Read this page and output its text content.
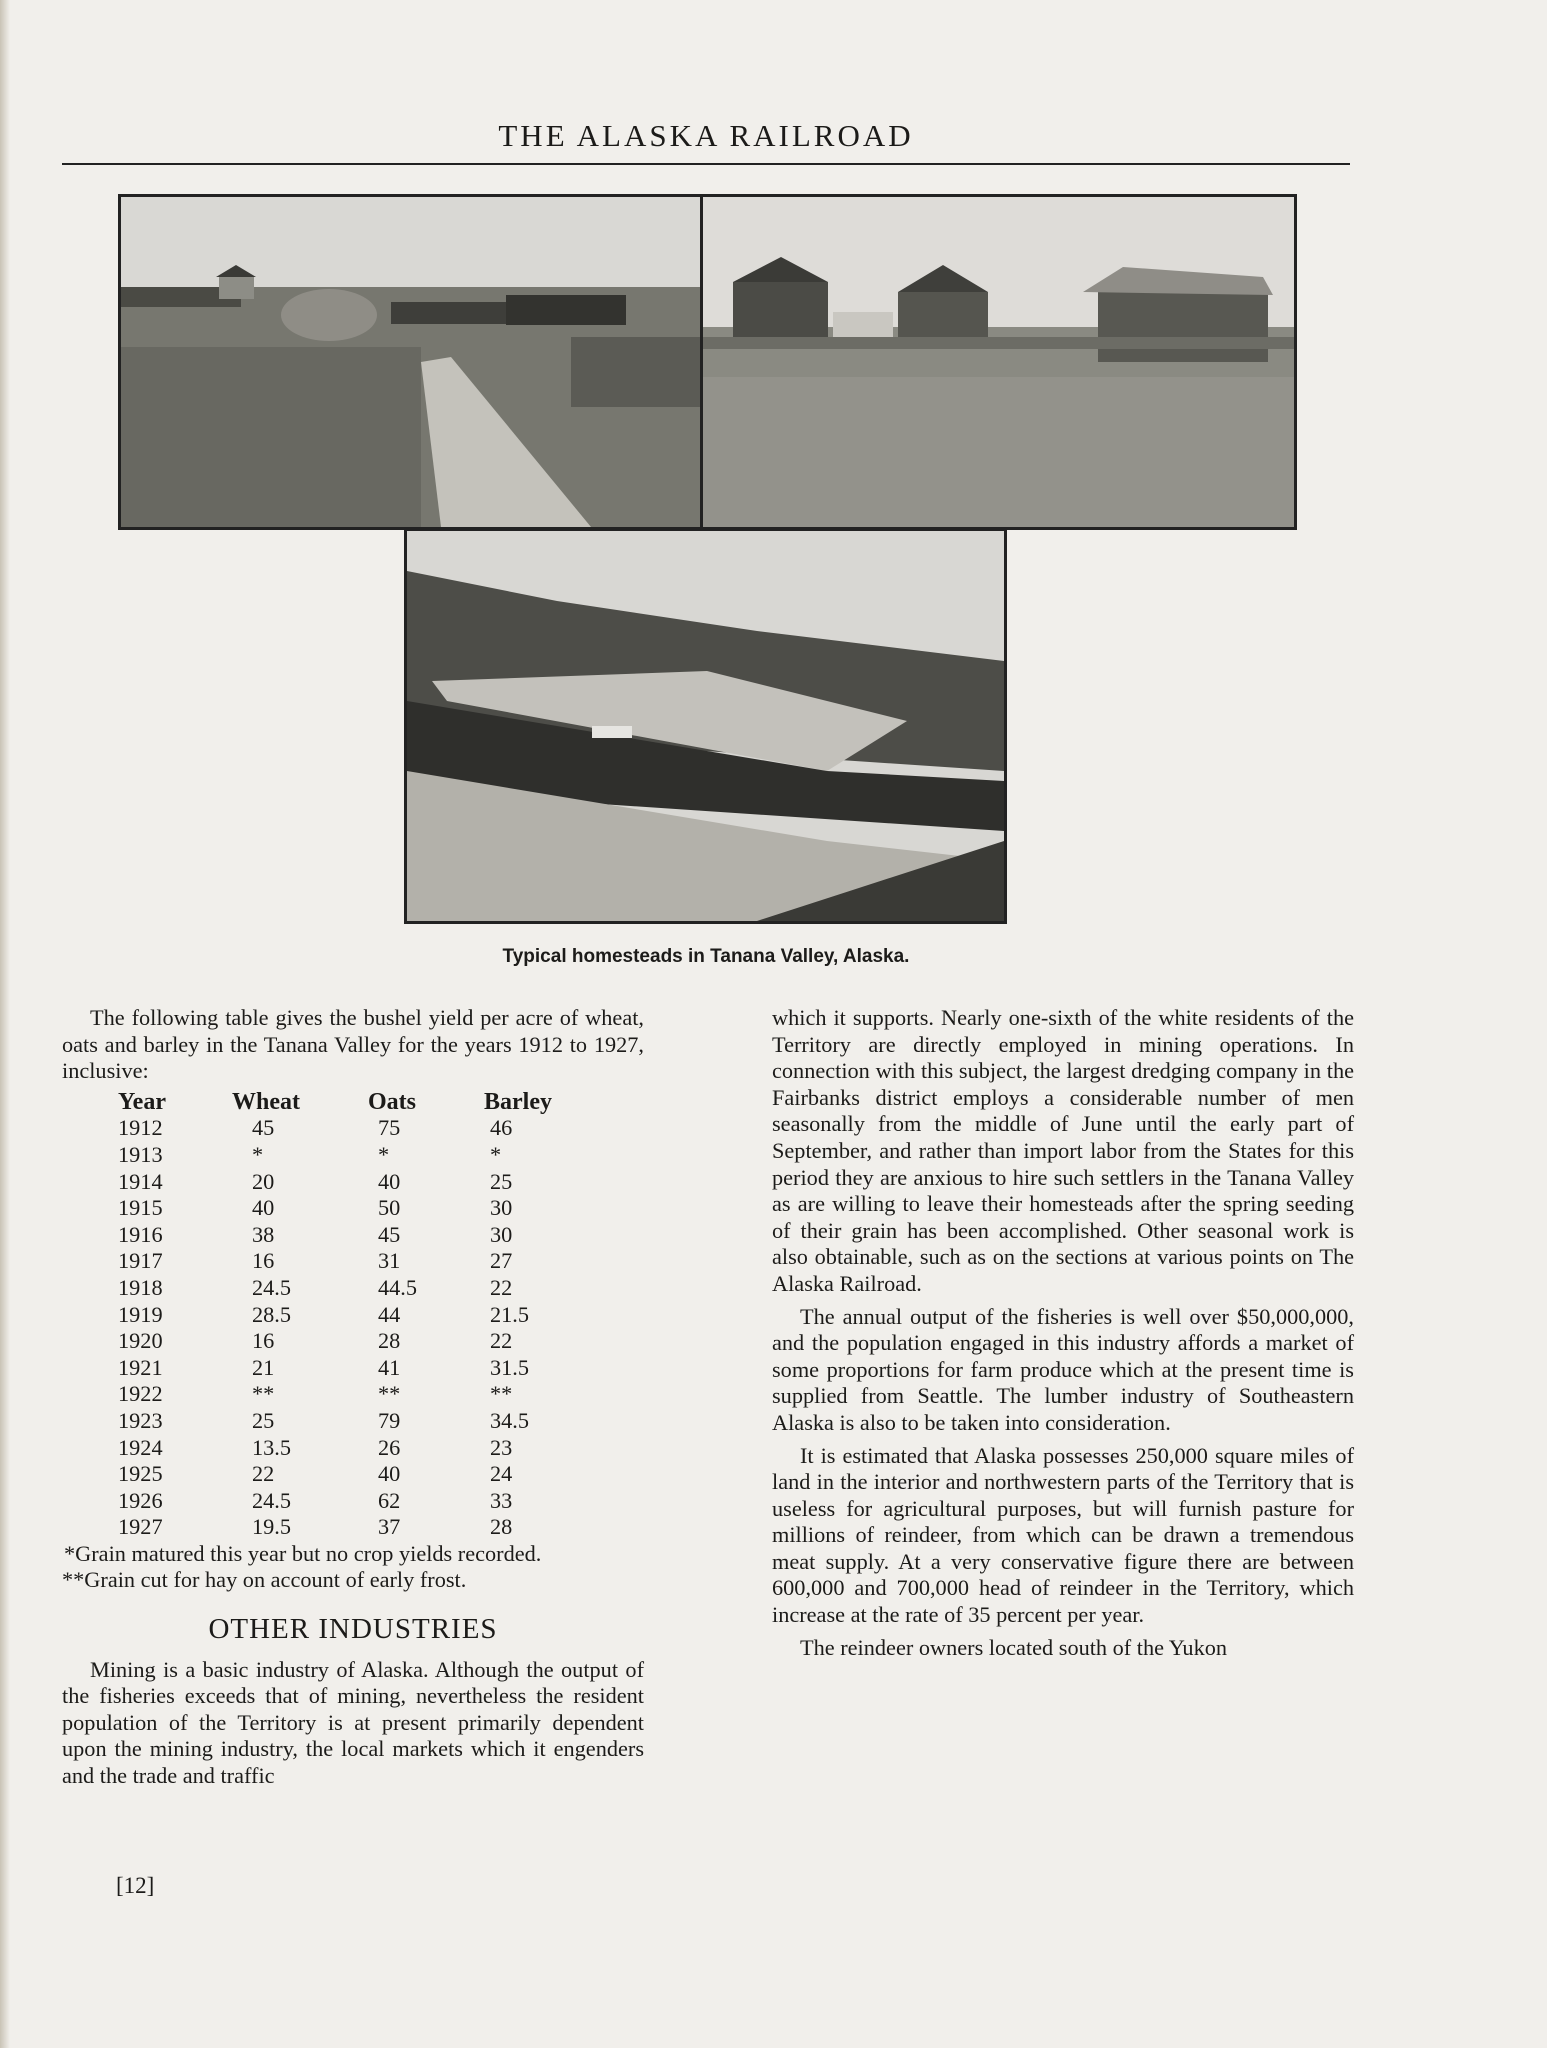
THE ALASKA RAILROAD
Typical homesteads in Tanana Valley, Alaska.

The following table gives the bushel yield per acre of wheat, oats and barley in the Tanana Valley for the years 1912 to 1927, inclusive:

Year	Wheat	Oats	Barley
1912	45	75	46
1913	*	*	*
1914	20	40	25
1915	40	50	30
1916	38	45	30
1917	16	31	27
1918	24.5	44.5	22
1919	28.5	44	21.5
1920	16	28	22
1921	21	41	31.5
1922	**	**	**
1923	25	79	34.5
1924	13.5	26	23
1925	22	40	24
1926	24.5	62	33
1927	19.5	37	28

*Grain matured this year but no crop yields recorded.

**Grain cut for hay on account of early frost.

OTHER INDUSTRIES

Mining is a basic industry of Alaska. Although the output of the fisheries exceeds that of mining, nevertheless the resident population of the Territory is at present primarily dependent upon the mining industry, the local markets which it engenders and the trade and traffic

which it supports. Nearly one-sixth of the white residents of the Territory are directly employed in mining operations. In connection with this subject, the largest dredging company in the Fairbanks district employs a considerable number of men seasonally from the middle of June until the early part of September, and rather than import labor from the States for this period they are anxious to hire such settlers in the Tanana Valley as are willing to leave their homesteads after the spring seeding of their grain has been accomplished. Other seasonal work is also obtainable, such as on the sections at various points on The Alaska Railroad.

The annual output of the fisheries is well over $50,000,000, and the population engaged in this industry affords a market of some proportions for farm produce which at the present time is supplied from Seattle. The lumber industry of Southeastern Alaska is also to be taken into consideration.

It is estimated that Alaska possesses 250,000 square miles of land in the interior and northwestern parts of the Territory that is useless for agricultural purposes, but will furnish pasture for millions of reindeer, from which can be drawn a tremendous meat supply. At a very conservative figure there are between 600,000 and 700,000 head of reindeer in the Territory, which increase at the rate of 35 percent per year.

The reindeer owners located south of the Yukon

[12]
